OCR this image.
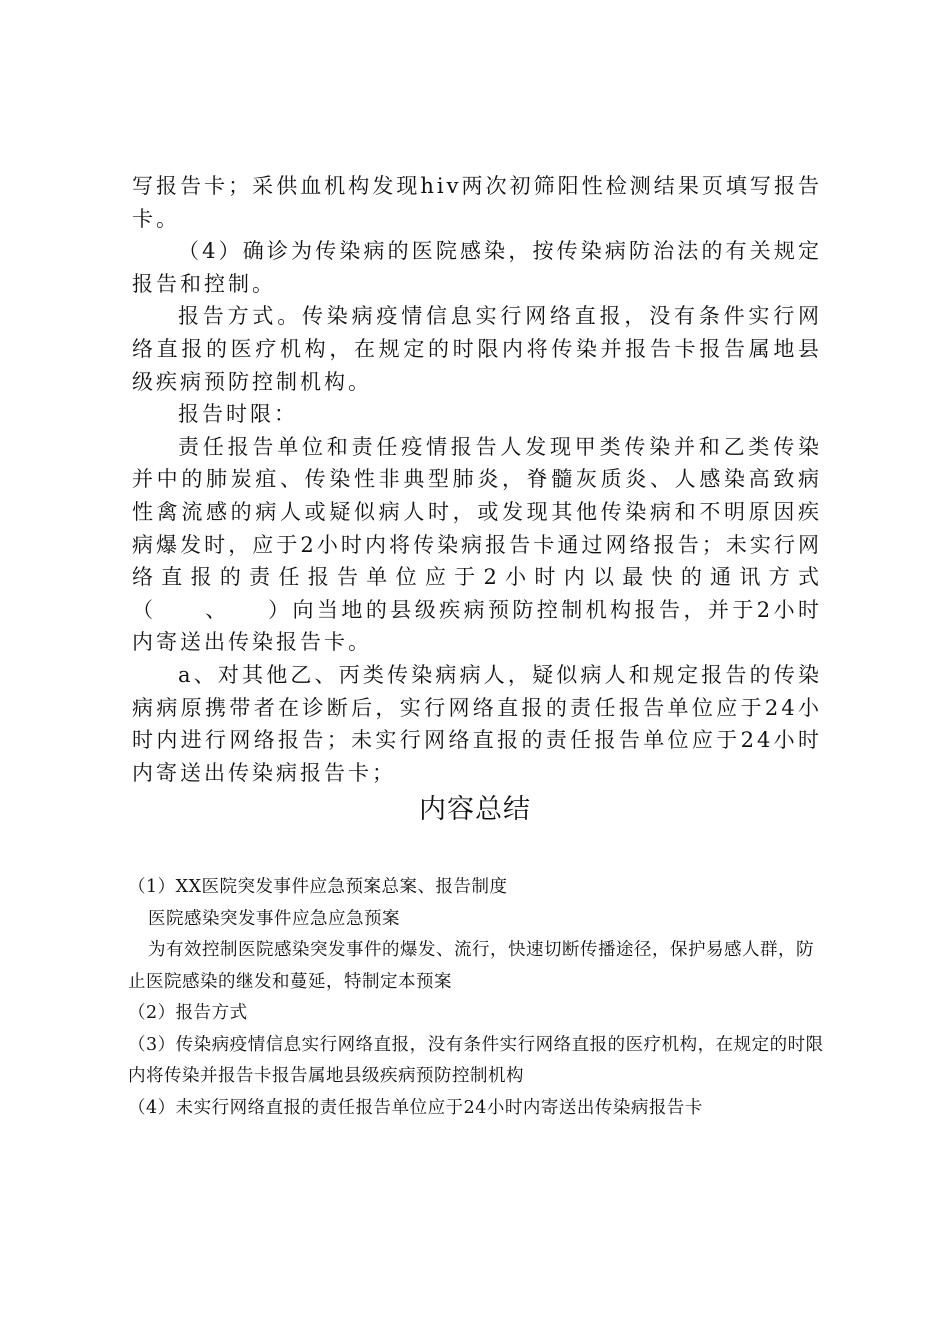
写报告卡；采供血机构发现hiv两次初筛阳性检测结果页填写报告卡。

（4）确诊为传染病的医院感染，按传染病防治法的有关规定报告和控制。

报告方式。传染病疫情信息实行网络直报，没有条件实行网络直报的医疗机构，在规定的时限内将传染并报告卡报告属地县级疾病预防控制机构。

报告时限：

责任报告单位和责任疫情报告人发现甲类传染并和乙类传染并中的肺炭疽、传染性非典型肺炎，脊髓灰质炎、人感染高致病性禽流感的病人或疑似病人时，或发现其他传染病和不明原因疾病爆发时，应于2小时内将传染病报告卡通过网络报告；未实行网络直报的责任报告单位应于2小时内以最快的通讯方式（　　、　　）向当地的县级疾病预防控制机构报告，并于2小时内寄送出传染报告卡。

a、对其他乙、丙类传染病病人，疑似病人和规定报告的传染病病原携带者在诊断后，实行网络直报的责任报告单位应于24小时内进行网络报告；未实行网络直报的责任报告单位应于24小时内寄送出传染病报告卡；

内容总结

（1）XX医院突发事件应急预案总案、报告制度

医院感染突发事件应急应急预案

为有效控制医院感染突发事件的爆发、流行，快速切断传播途径，保护易感人群，防止医院感染的继发和蔓延，特制定本预案

（2）报告方式

（3）传染病疫情信息实行网络直报，没有条件实行网络直报的医疗机构，在规定的时限内将传染并报告卡报告属地县级疾病预防控制机构

（4）未实行网络直报的责任报告单位应于24小时内寄送出传染病报告卡
